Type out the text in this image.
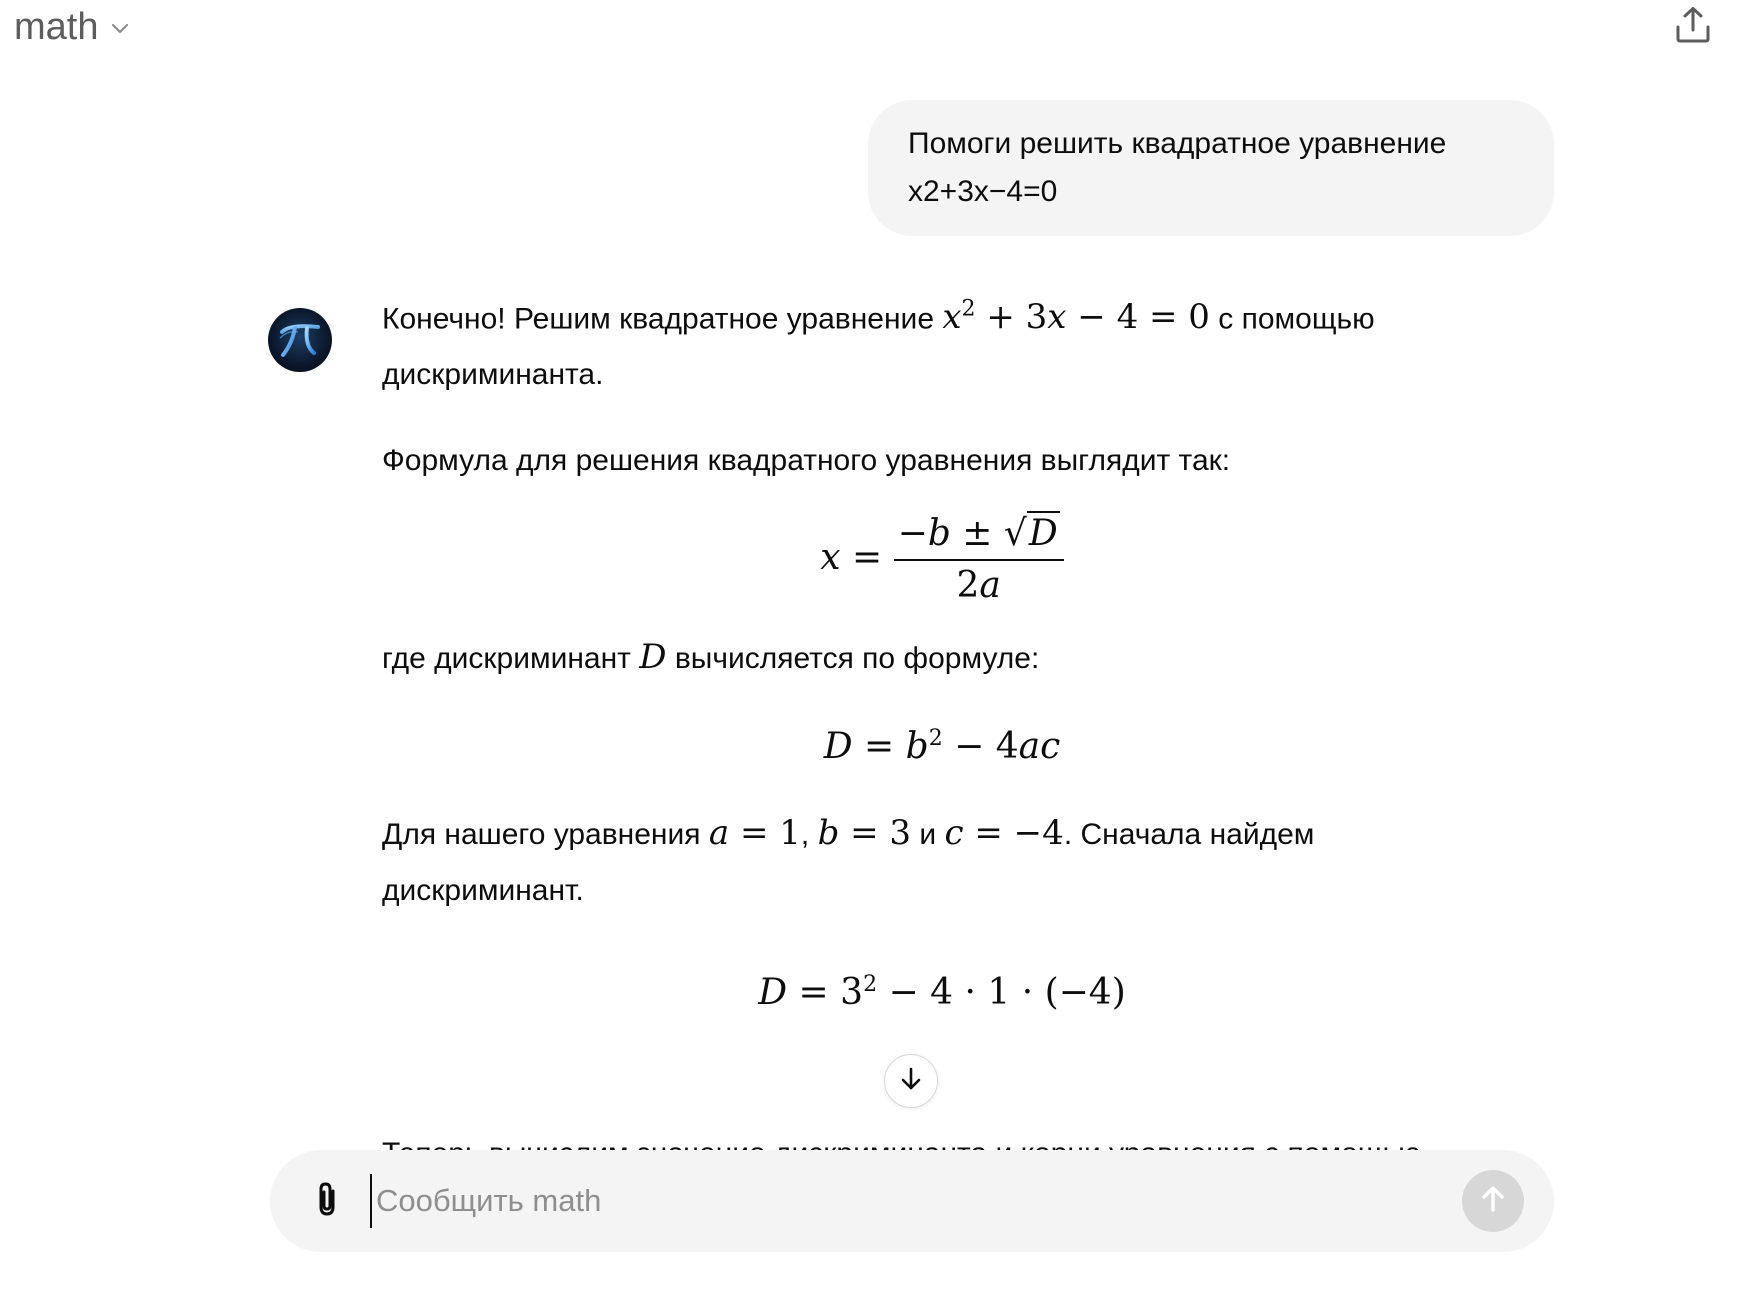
math
Помоги решить квадратное уравнение
x2+3x−4=0

Конечно! Решим квадратное уравнение $x^2 + 3x - 4 = 0$ с помощью

дискриминанта.

Формула для решения квадратного уравнения выглядит так:

$x = \frac{-b \pm √D}{2a}$

где дискриминант D вычисляется по формуле:

$D = b^2 - 4ac$

Для нашего уравнения a = 1, b = 3 и c = −4. Сначала найдем

дискриминант.

$D = 3^2 - 4 \cdot 1 \cdot (-4)$
Сообщить math
